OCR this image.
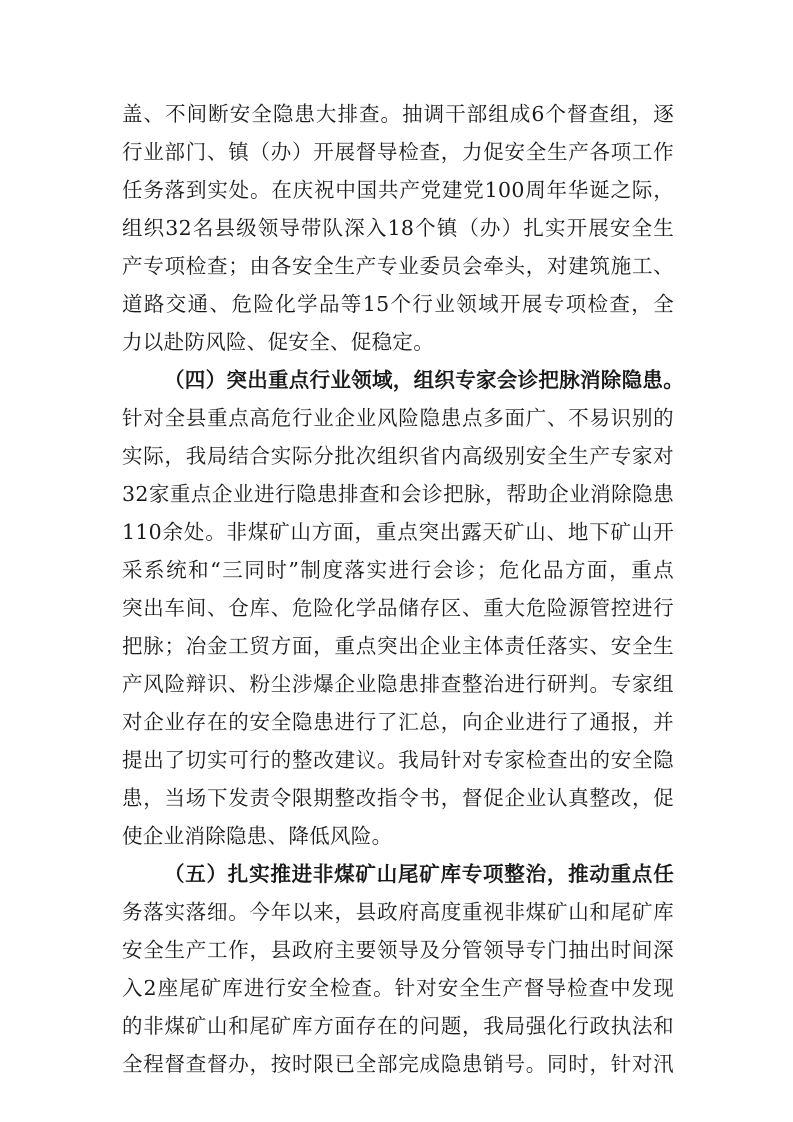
盖、不间断安全隐患大排查。抽调干部组成6个督查组，逐
行业部门、镇（办）开展督导检查，力促安全生产各项工作
任务落到实处。在庆祝中国共产党建党100周年华诞之际，
组织32名县级领导带队深入18个镇（办）扎实开展安全生
产专项检查；由各安全生产专业委员会牵头，对建筑施工、
道路交通、危险化学品等15个行业领域开展专项检查，全
力以赴防风险、促安全、促稳定。
（四）突出重点行业领域，组织专家会诊把脉消除隐患。
针对全县重点高危行业企业风险隐患点多面广、不易识别的
实际，我局结合实际分批次组织省内高级别安全生产专家对
32家重点企业进行隐患排查和会诊把脉，帮助企业消除隐患
110余处。非煤矿山方面，重点突出露天矿山、地下矿山开
采系统和“三同时”制度落实进行会诊；危化品方面，重点
突出车间、仓库、危险化学品储存区、重大危险源管控进行
把脉；冶金工贸方面，重点突出企业主体责任落实、安全生
产风险辩识、粉尘涉爆企业隐患排查整治进行研判。专家组
对企业存在的安全隐患进行了汇总，向企业进行了通报，并
提出了切实可行的整改建议。我局针对专家检查出的安全隐
患，当场下发责令限期整改指令书，督促企业认真整改，促
使企业消除隐患、降低风险。
（五）扎实推进非煤矿山尾矿库专项整治，推动重点任
务落实落细。今年以来，县政府高度重视非煤矿山和尾矿库
安全生产工作，县政府主要领导及分管领导专门抽出时间深
入2座尾矿库进行安全检查。针对安全生产督导检查中发现
的非煤矿山和尾矿库方面存在的问题，我局强化行政执法和
全程督查督办，按时限已全部完成隐患销号。同时，针对汛
